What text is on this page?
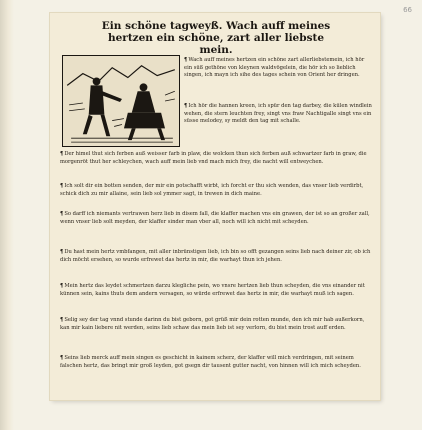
66
Ein schöne tagweyß. Wach auff meines
hertzen ein schöne, zart aller liebste mein.

¶Wach auff meines hertzen ein schöne zart allerliebstemein, ich hör ein süß gethöne von kleynen waldvögelein, die hör ich so lieblich singen, ich mayn ich sihe des tages schein von Orient her dringen.

¶Ich hör die hannen kreen, ich spür den tag darbey, die külen windlein wehen, die stern leuchten frey, singt vns fraw Nachtigalle singt vns ein süsse melodey, sy meldt den tag mit schalle.

¶Der himel thut sich ferben auß weisser farb in plaw, die wolcken thun sich ferben auß schwartzer farb in graw, die morgenröt thut her schleychen, wach auff mein lieb vnd mach mich frey, die nacht will entweychen.

¶Ich solt dir ein botten senden, der mir ein potschafft wirbt, ich forcht er thu sich wenden, das vnser lieb verdirbt, schick dich zu mir allaine, sein lieb sol ymmer sagt, in trewen in dich maine.

¶So darff ich niemants vertrawen herz lieb in disem fall, die klaffer machen vns ein grawen, der ist so an großer zall, wenn vnser lieb solt meyden, der klaffer sinder man vber all, noch will ich nicht mit scheyden.

¶Du hast mein hertz vmbfangen, mit aller inbrünstigen lieb, ich bin so offt gezangen seins lieb nach deiner zir, ob ich dich möcht ersehen, so wurde erfrewet das hertz in mir, die warhayt thun ich jehen.

¶Mein hertz das leydet schmertzen darzu klegliche pein, wo vnsre hertzen lieb thun scheyden, die vns einander nit künnen sein, kains thuts dem andern versagen, so würde erfrewet das hertz in mir, die warhayt muß ich sagen.

¶Selig sey der tag vnnd stunde darinn du bist geborn, got grüß mir dein rotten munde, den ich mir hab außerkorn, kan mir kain liebere nit werden, seins lieb schaw das mein lieb ist sey verlorn, du bist mein trost auff erden.

¶Seins lieb merck auff mein singen es geschicht in kainem scherz, der klaffer will mich verdringen, mit seinem falschen hertz, das bringt mir groß leyden, got gsegn dir tausent gutter nacht, von hinnen will ich mich scheyden.
